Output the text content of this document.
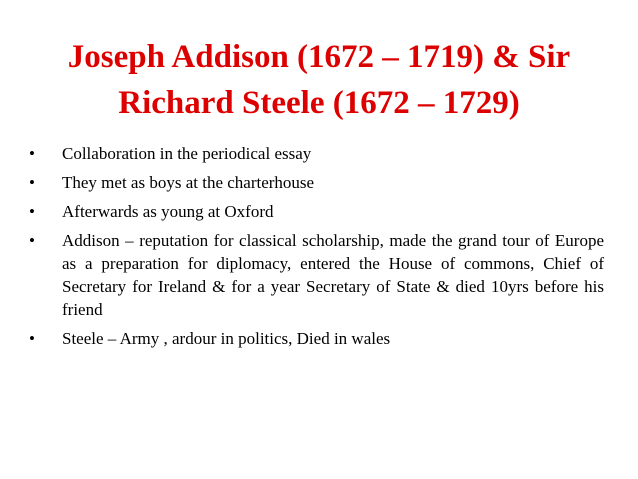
Joseph Addison (1672 – 1719) & Sir
Richard Steele (1672 – 1729)
• Collaboration in the periodical essay
• They met as boys at the charterhouse
• Afterwards as young at Oxford
• Addison – reputation for classical scholarship, made the grand tour of Europe as a preparation for diplomacy, entered the House of commons, Chief of Secretary for Ireland & for a year Secretary of State & died 10yrs before his friend
• Steele – Army , ardour in politics, Died in wales
